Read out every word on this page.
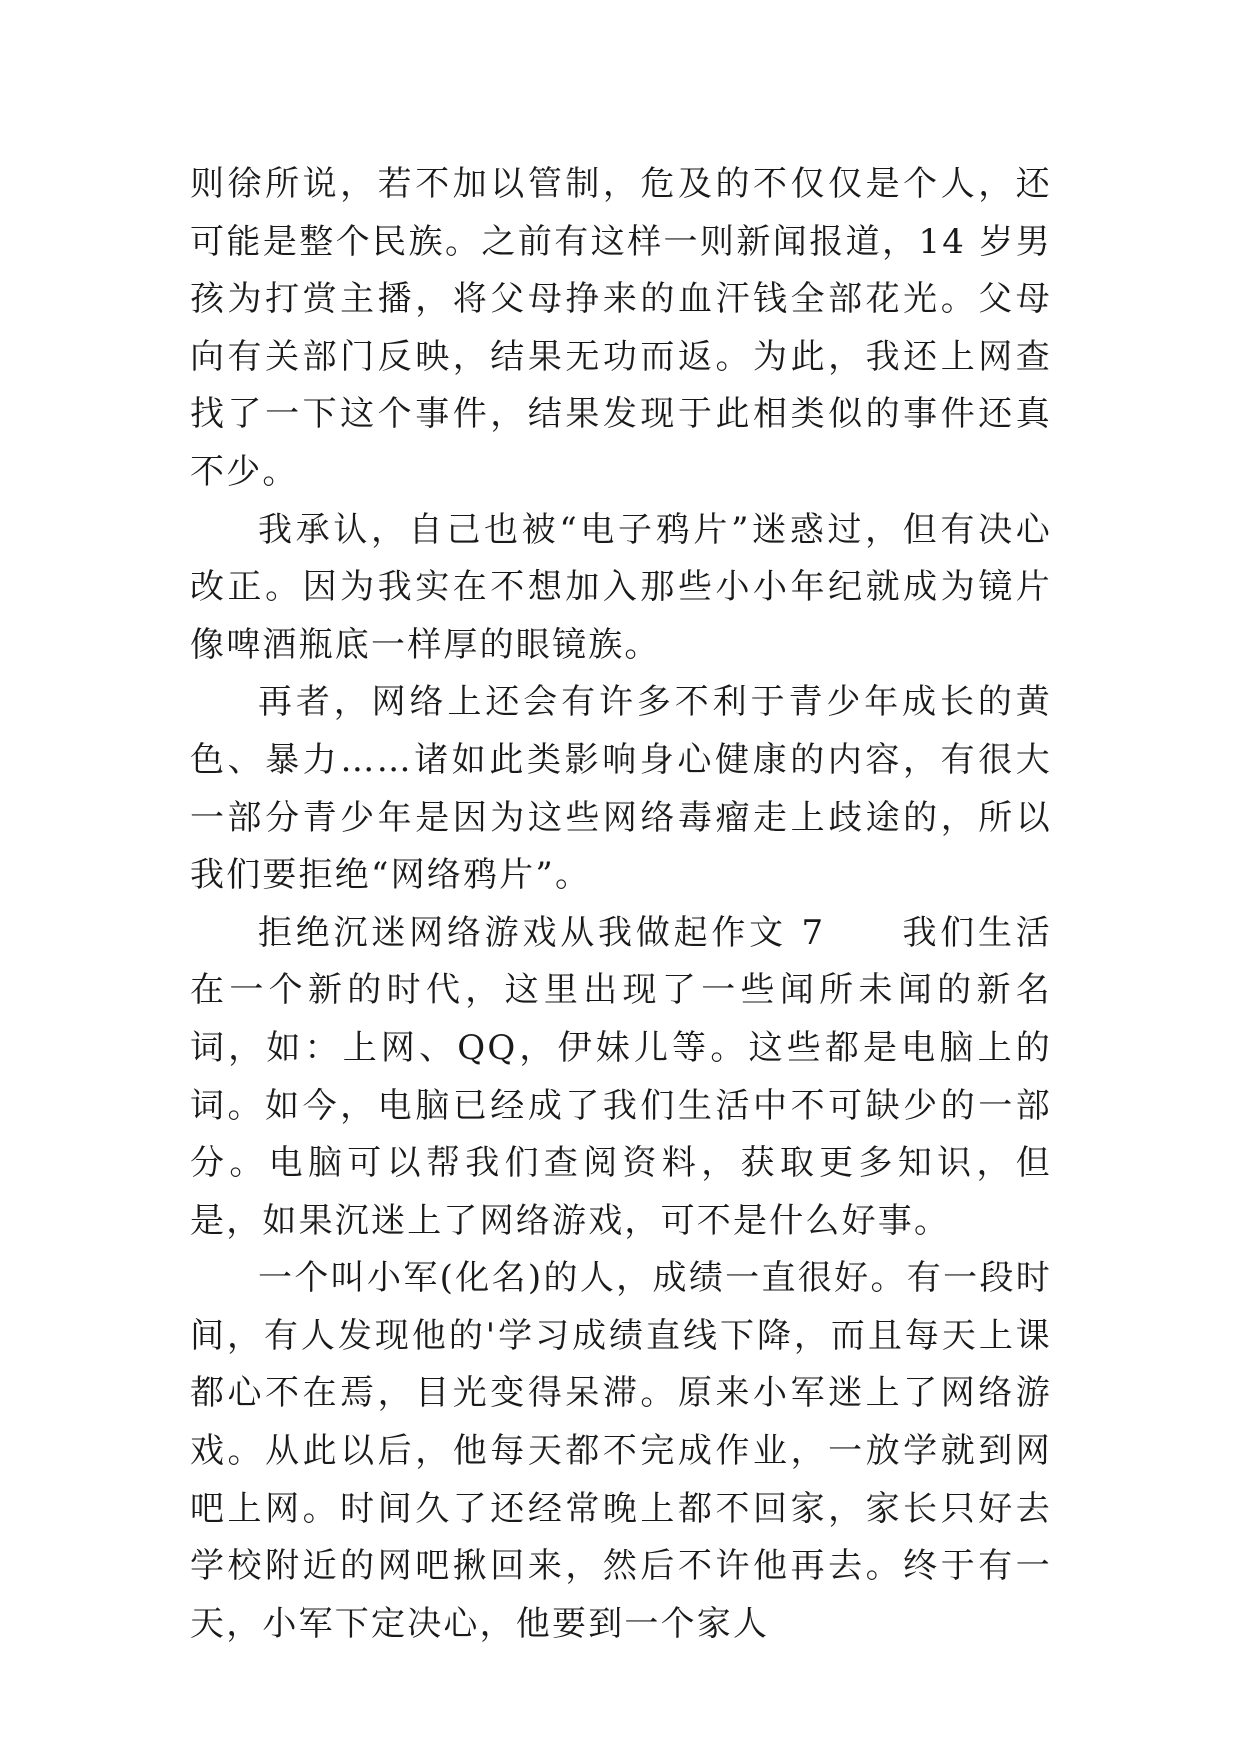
则徐所说，若不加以管制，危及的不仅仅是个人，还可能是整个民族。之前有这样一则新闻报道，14 岁男孩为打赏主播，将父母挣来的血汗钱全部花光。父母向有关部门反映，结果无功而返。为此，我还上网查找了一下这个事件，结果发现于此相类似的事件还真不少。

我承认，自己也被“电子鸦片”迷惑过，但有决心改正。因为我实在不想加入那些小小年纪就成为镜片像啤酒瓶底一样厚的眼镜族。

再者，网络上还会有许多不利于青少年成长的黄色、暴力……诸如此类影响身心健康的内容，有很大一部分青少年是因为这些网络毒瘤走上歧途的，所以我们要拒绝“网络鸦片”。

拒绝沉迷网络游戏从我做起作文 7　　我们生活在一个新的时代，这里出现了一些闻所未闻的新名词，如：上网、QQ，伊妹儿等。这些都是电脑上的词。如今，电脑已经成了我们生活中不可缺少的一部分。电脑可以帮我们查阅资料，获取更多知识，但是，如果沉迷上了网络游戏，可不是什么好事。

一个叫小军(化名)的人，成绩一直很好。有一段时间，有人发现他的'学习成绩直线下降，而且每天上课都心不在焉，目光变得呆滞。原来小军迷上了网络游戏。从此以后，他每天都不完成作业，一放学就到网吧上网。时间久了还经常晚上都不回家，家长只好去学校附近的网吧揪回来，然后不许他再去。终于有一天，小军下定决心，他要到一个家人
